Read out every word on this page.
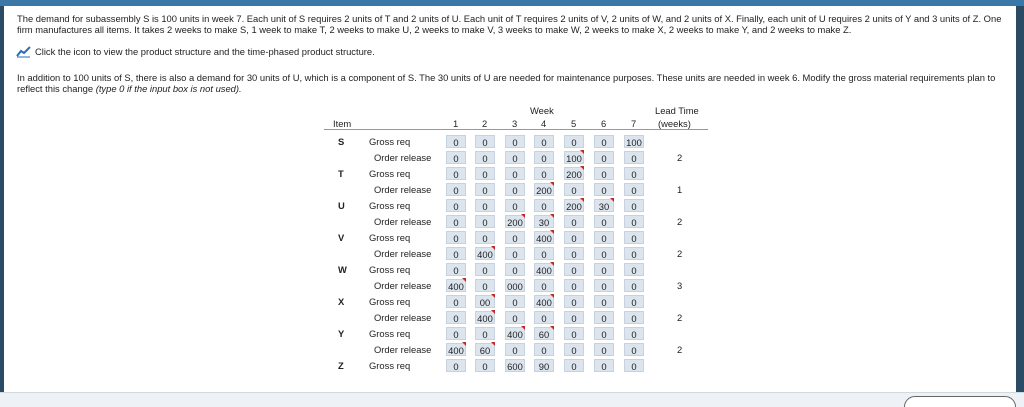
The demand for subassembly S is 100 units in week 7. Each unit of S requires 2 units of T and 2 units of U. Each unit of T requires 2 units of V, 2 units of W, and 2 units of X. Finally, each unit of U requires 2 units of Y and 3 units of Z. One firm manufactures all items. It takes 2 weeks to make S, 1 week to make T, 2 weeks to make U, 2 weeks to make V, 3 weeks to make W, 2 weeks to make X, 2 weeks to make Y, and 2 weeks to make Z.
Click the icon to view the product structure and the time-phased product structure.
In addition to 100 units of S, there is also a demand for 30 units of U, which is a component of S. The 30 units of U are needed for maintenance purposes. These units are needed in week 6. Modify the gross material requirements plan to reflect this change (type 0 if the input box is not used).
Week	Lead Time
Item	(weeks)
1	2	3	4	5	6	7
S	Gross req	0	0	0	0	0	0	100
Order release	0	0	0	0	100	0	0	2
T	Gross req	0	0	0	0	200	0	0
Order release	0	0	0	200	0	0	0	1
U	Gross req	0	0	0	0	200	30	0
Order release	0	0	200	30	0	0	0	2
V	Gross req	0	0	0	400	0	0	0
Order release	0	400	0	0	0	0	0	2
W Gross req	0	0	0	400	0	0	0
Order release 400	0	000	0	0	0	0	3
X	Gross req	0	00	0	400	0	0	0
Order release	0	400	0	0	0	0	0	2
Y	Gross req	0	0	400	60	0	0	0
Order release 400	60	0	0	0	0	0	2
Z	Gross req	0	0	600	90	0	0	0
